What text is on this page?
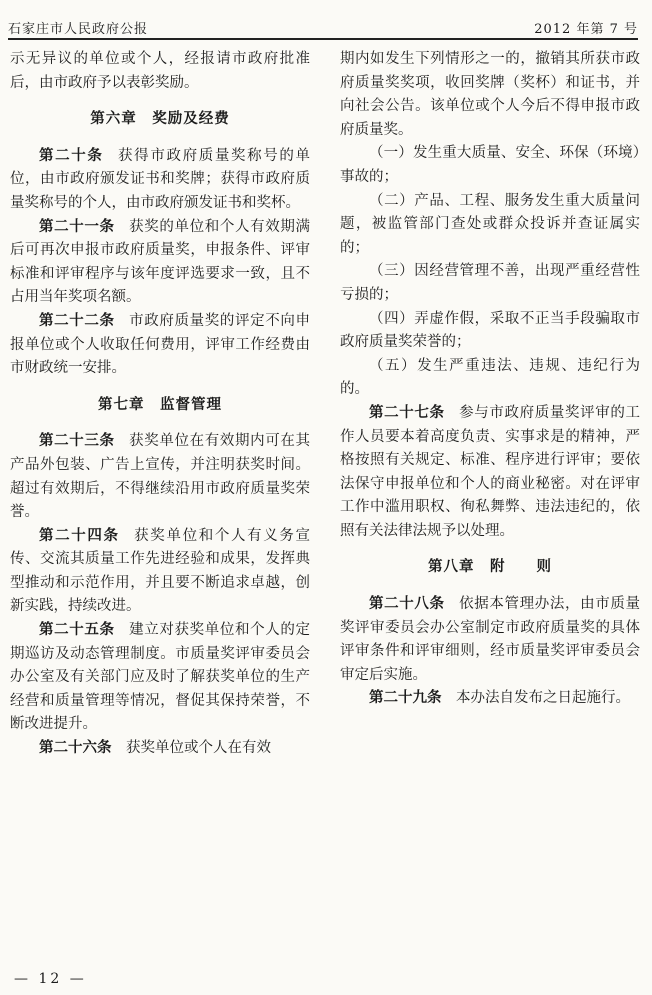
石家庄市人民政府公报	2012 年第 7 号

示无异议的单位或个人，经报请市政府批准后，由市政府予以表彰奖励。

第六章　奖励及经费

第二十条 获得市政府质量奖称号的单位，由市政府颁发证书和奖牌；获得市政府质量奖称号的个人，由市政府颁发证书和奖杯。

第二十一条 获奖的单位和个人有效期满后可再次申报市政府质量奖，申报条件、评审标准和评审程序与该年度评选要求一致，且不占用当年奖项名额。

第二十二条 市政府质量奖的评定不向申报单位或个人收取任何费用，评审工作经费由市财政统一安排。

第七章　监督管理

第二十三条 获奖单位在有效期内可在其产品外包装、广告上宣传，并注明获奖时间。超过有效期后，不得继续沿用市政府质量奖荣誉。

第二十四条 获奖单位和个人有义务宣传、交流其质量工作先进经验和成果，发挥典型推动和示范作用，并且要不断追求卓越，创新实践，持续改进。

第二十五条 建立对获奖单位和个人的定期巡访及动态管理制度。市质量奖评审委员会办公室及有关部门应及时了解获奖单位的生产经营和质量管理等情况，督促其保持荣誉，不断改进提升。

第二十六条 获奖单位或个人在有效

期内如发生下列情形之一的，撤销其所获市政府质量奖奖项，收回奖牌（奖杯）和证书，并向社会公告。该单位或个人今后不得申报市政府质量奖。

（一）发生重大质量、安全、环保（环境）事故的；

（二）产品、工程、服务发生重大质量问题，被监管部门查处或群众投诉并查证属实的；

（三）因经营管理不善，出现严重经营性亏损的；

（四）弄虚作假，采取不正当手段骗取市政府质量奖荣誉的；

（五）发生严重违法、违规、违纪行为的。

第二十七条 参与市政府质量奖评审的工作人员要本着高度负责、实事求是的精神，严格按照有关规定、标准、程序进行评审；要依法保守申报单位和个人的商业秘密。对在评审工作中滥用职权、徇私舞弊、违法违纪的，依照有关法律法规予以处理。

第八章　附　　则

第二十八条 依据本管理办法，由市质量奖评审委员会办公室制定市政府质量奖的具体评审条件和评审细则，经市质量奖评审委员会审定后实施。

第二十九条 本办法自发布之日起施行。

— 12 —
